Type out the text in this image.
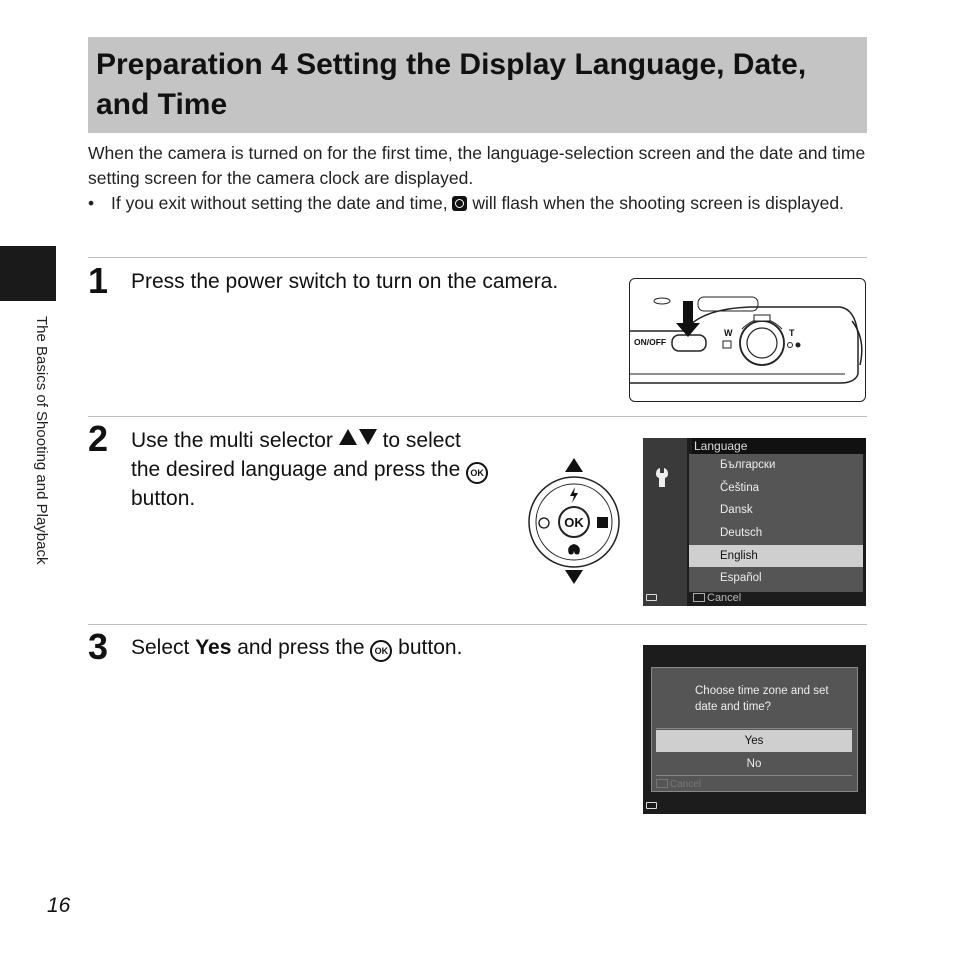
Preparation 4 Setting the Display Language, Date, and Time
When the camera is turned on for the first time, the language-selection screen and the date and time setting screen for the camera clock are displayed.
• If you exit without setting the date and time,  will flash when the shooting screen is displayed.
The Basics of Shooting and Playback
1 Press the power switch to turn on the camera.
ON/OFF
W	T
2 Use the multi selector  to select the desired language and press the OK button.
OK
Language
Български
Čeština
Dansk
Deutsch
English
Español
Cancel
3 Select Yes and press the OK button.
Choose time zone and set date and time?
Yes
No
Cancel
16
